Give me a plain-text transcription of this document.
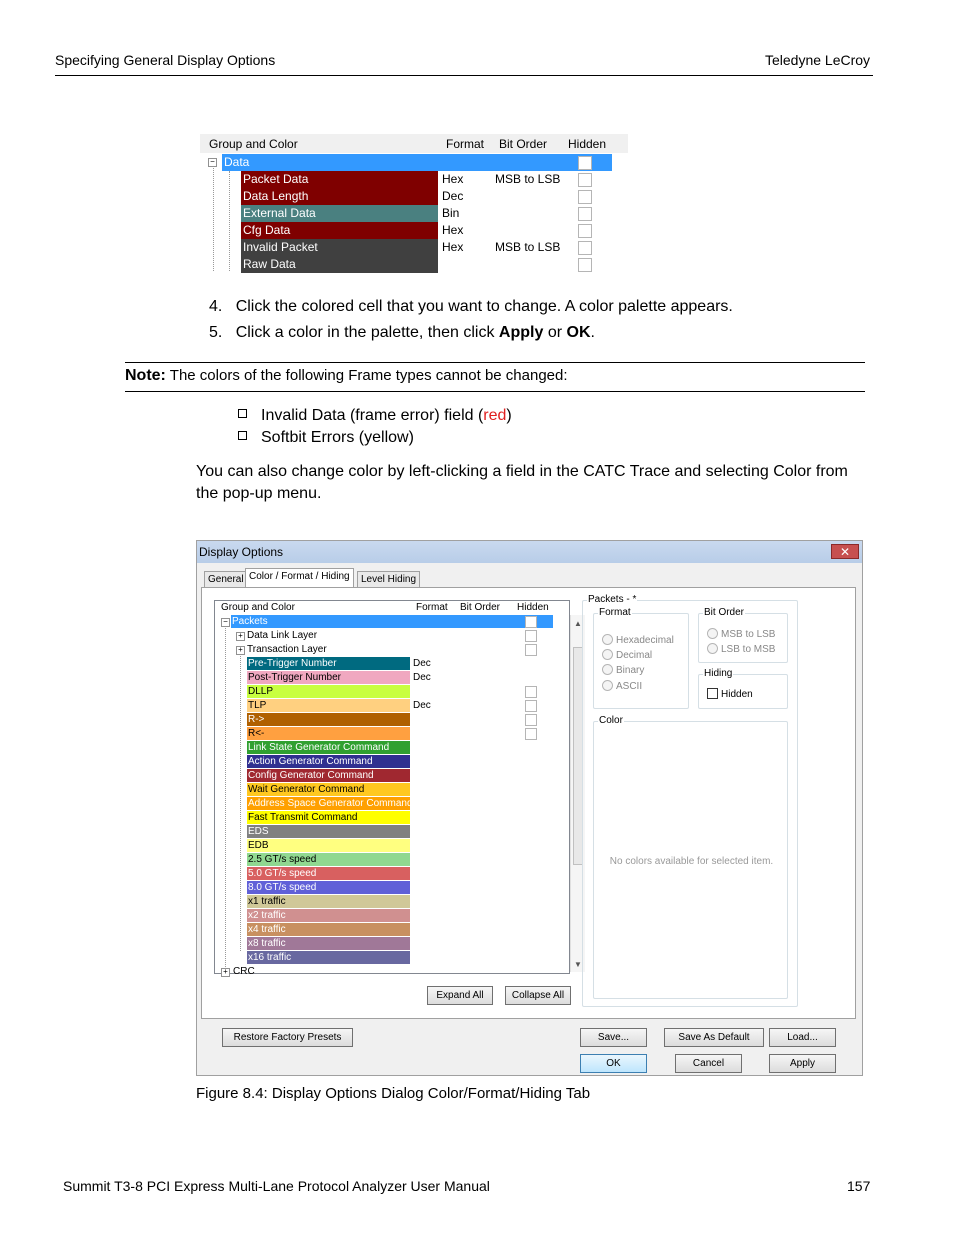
Specifying General Display Options	Teledyne LeCroy
Group and Color	Format Bit Order Hidden
− Data
Packet Data	Hex	MSB to LSB
Data Length	Dec
External Data	Bin
Cfg Data	Hex
Invalid Packet	Hex	MSB to LSB
Raw Data
4. Click the colored cell that you want to change. A color palette appears.
5. Click a color in the palette, then click Apply or OK.
Note: The colors of the following Frame types cannot be changed:
Invalid Data (frame error) field (red)
Softbit Errors (yellow)
You can also change color by left-clicking a field in the CATC Trace and selecting Color from the pop-up menu.
Display Options	✕
General Color / Format / Hiding	Level Hiding
Group and Color	Format Bit Order Hidden
− Packets
+ Data Link Layer
+ Transaction Layer
Pre-Trigger Number	Dec
Post-Trigger Number	Dec
DLLP
TLP	Dec
R->
R<-
Link State Generator Command
Action Generator Command
Config Generator Command
Wait Generator Command
Address Space Generator Command
Fast Transmit Command
EDS
EDB
2.5 GT/s speed
5.0 GT/s speed
8.0 GT/s speed
x1 traffic
x2 traffic
x4 traffic
x8 traffic
x16 traffic
+ CRC
▲
▼
Expand All	Collapse All
Packets - *
Format
Hexadecimal
Decimal
Binary
ASCII
Bit Order
MSB to LSB
LSB to MSB
Hiding
Hidden
Color
No colors available for selected item.
Restore Factory Presets	Save...	Save As Default	Load...
OK	Cancel	Apply
Figure 8.4: Display Options Dialog Color/Format/Hiding Tab
Summit T3-8 PCI Express Multi-Lane Protocol Analyzer User Manual	157
